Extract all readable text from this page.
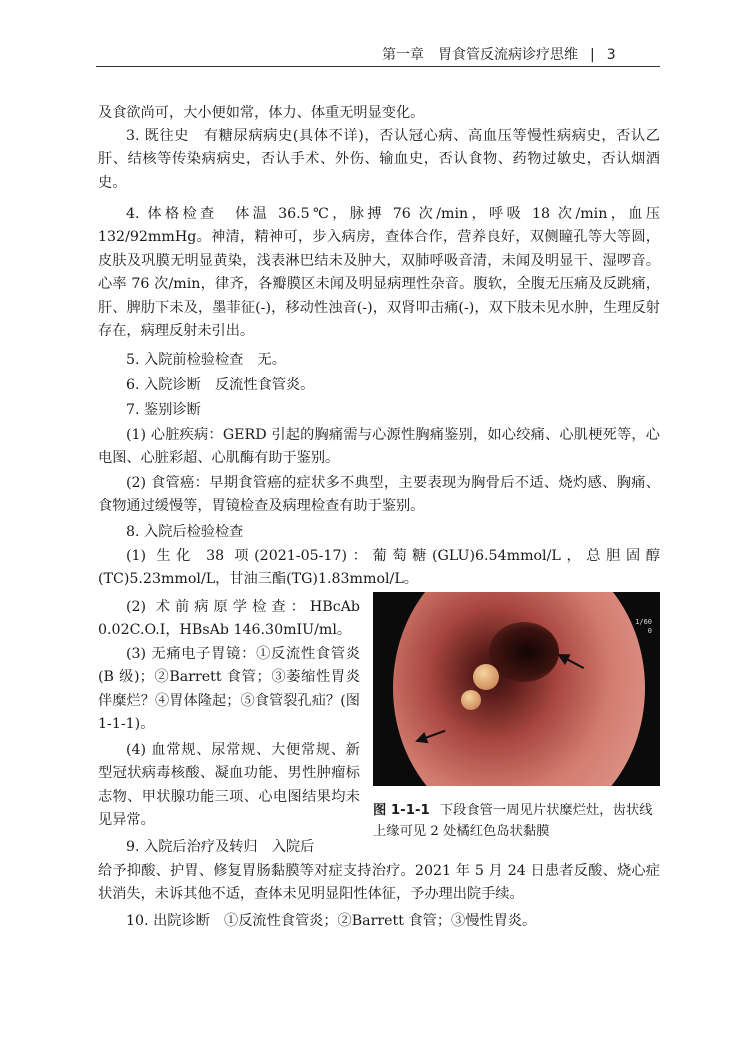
第一章　胃食管反流病诊疗思维 | 3
及食欲尚可，大小便如常，体力、体重无明显变化。
3. 既往史　有糖尿病病史(具体不详)，否认冠心病、高血压等慢性病病史，否认乙肝、结核等传染病病史，否认手术、外伤、输血史，否认食物、药物过敏史，否认烟酒史。
4. 体格检查　体温 36.5℃，脉搏 76 次/min，呼吸 18 次/min，血压 132/92mmHg。神清，精神可，步入病房，查体合作，营养良好，双侧瞳孔等大等圆，皮肤及巩膜无明显黄染，浅表淋巴结未及肿大，双肺呼吸音清，未闻及明显干、湿啰音。心率 76 次/min，律齐，各瓣膜区未闻及明显病理性杂音。腹软，全腹无压痛及反跳痛，肝、脾肋下未及，墨菲征(-)，移动性浊音(-)，双肾叩击痛(-)，双下肢未见水肿，生理反射存在，病理反射未引出。
5. 入院前检验检查　无。
6. 入院诊断　反流性食管炎。
7. 鉴别诊断
(1) 心脏疾病：GERD 引起的胸痛需与心源性胸痛鉴别，如心绞痛、心肌梗死等，心电图、心脏彩超、心肌酶有助于鉴别。
(2) 食管癌：早期食管癌的症状多不典型，主要表现为胸骨后不适、烧灼感、胸痛、食物通过缓慢等，胃镜检查及病理检查有助于鉴别。
8. 入院后检验检查
(1) 生化 38 项(2021-05-17)：葡萄糖(GLU)6.54mmol/L，总胆固醇(TC)5.23mmol/L，甘油三酯(TG)1.83mmol/L。
(2) 术前病原学检查：HBcAb 0.02C.O.I，HBsAb 146.30mIU/ml。
(3) 无痛电子胃镜：①反流性食管炎(B 级)；②Barrett 食管；③萎缩性胃炎伴糜烂？④胃体隆起；⑤食管裂孔疝？(图 1-1-1)。
(4) 血常规、尿常规、大便常规、新型冠状病毒核酸、凝血功能、男性肿瘤标志物、甲状腺功能三项、心电图结果均未见异常。
9. 入院后治疗及转归　入院后
给予抑酸、护胃、修复胃肠黏膜等对症支持治疗。2021 年 5 月 24 日患者反酸、烧心症状消失，未诉其他不适，查体未见明显阳性体征，予办理出院手续。
10. 出院诊断　①反流性食管炎；②Barrett 食管；③慢性胃炎。
1/60
0
图 1-1-1 下段食管一周见片状糜烂灶，齿状线上缘可见 2 处橘红色岛状黏膜
